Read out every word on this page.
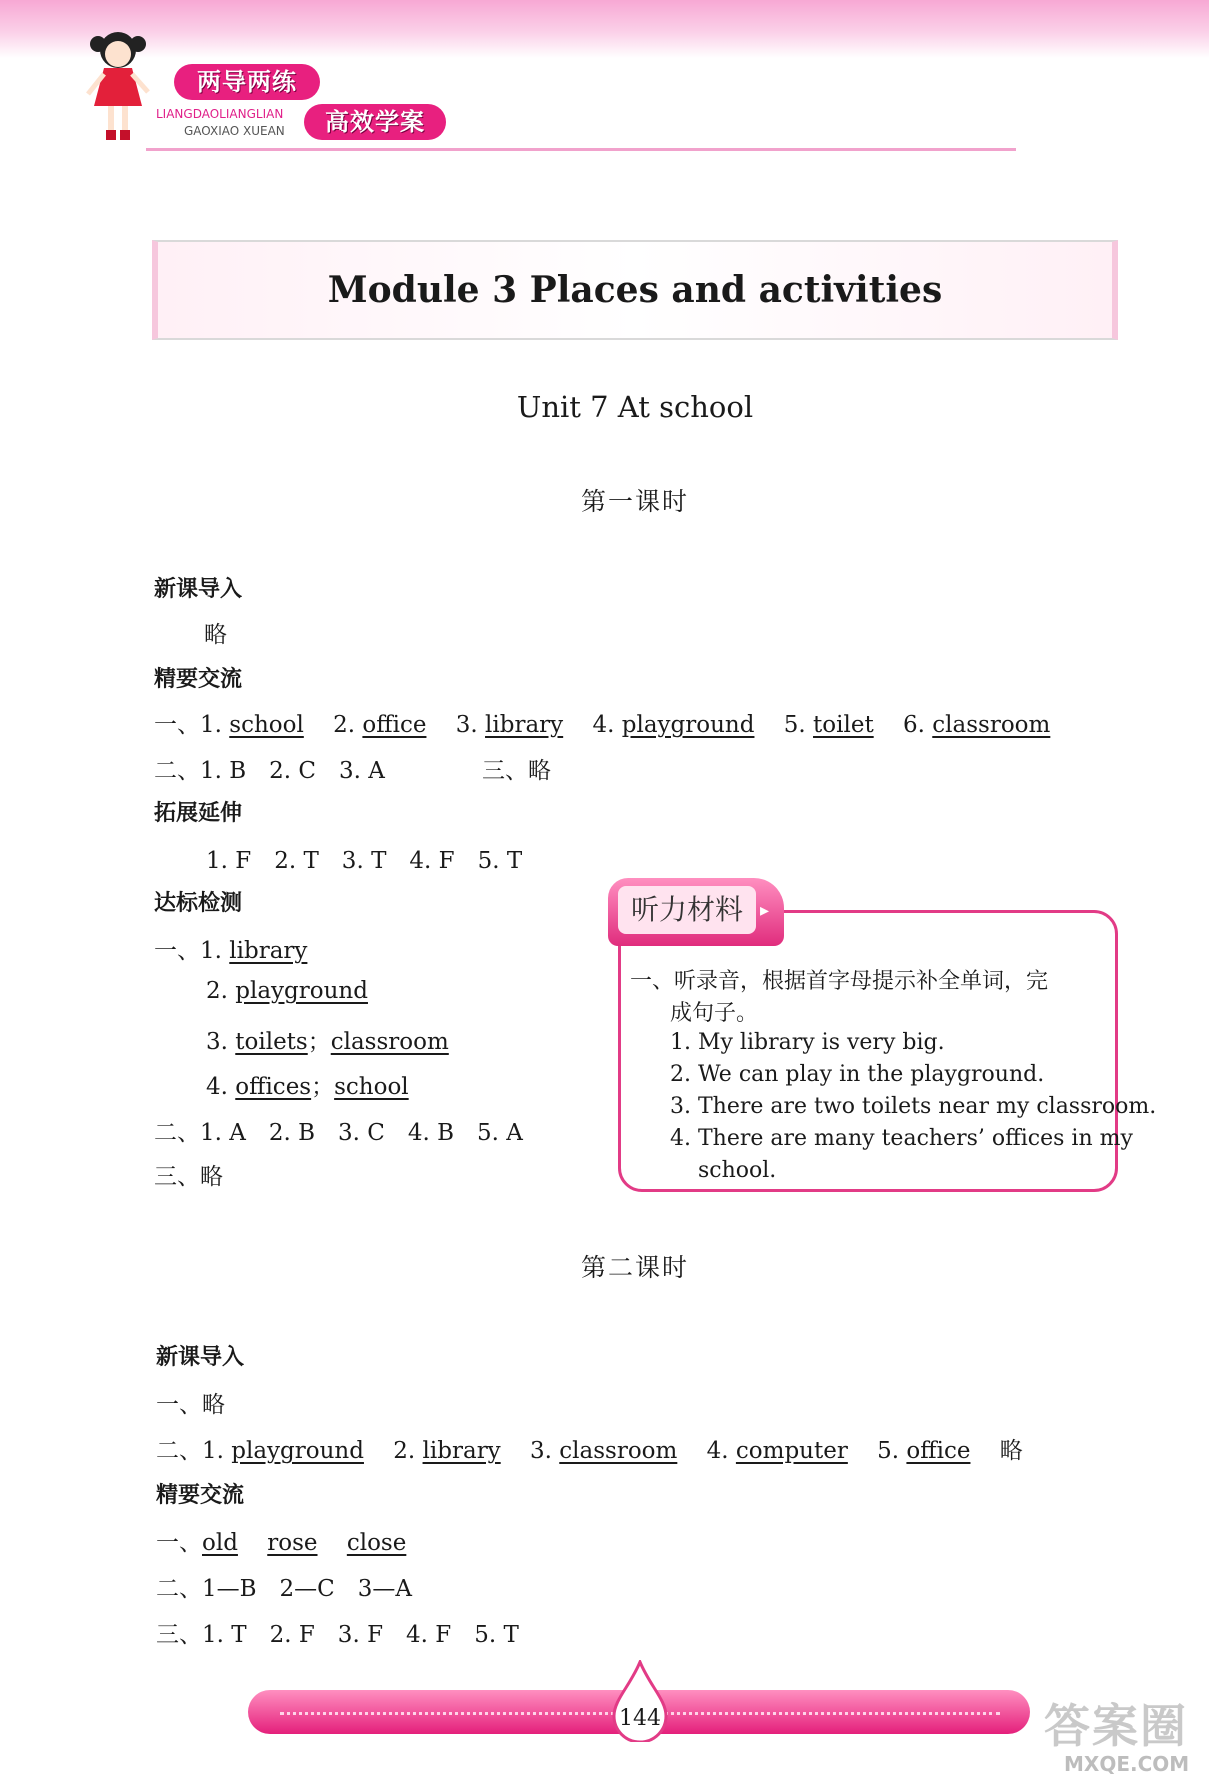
两导两练
LIANGDAOLIANGLIAN
GAOXIAO XUEAN	高效学案
Module 3 Places and activities
Unit 7 At school
第一课时
新课导入
略
精要交流
一、1. school 2. office 3. library 4. playground 5. toilet 6. classroom
二、1. B　2. C　3. A	三、略
拓展延伸
1. F　2. T　3. T　4. F　5. T
达标检测
一、1. library
2. playground
3. toilets；classroom
4. offices；school
二、1. A　2. B　3. C　4. B　5. A
三、略
听力材料 ▸
一、听录音，根据首字母提示补全单词，完
成句子。
1. My library is very big.
2. We can play in the playground.
3. There are two toilets near my classroom.
4. There are many teachers’ offices in my
school.
第二课时
新课导入
一、略
二、1. playground 2. library 3. classroom 4. computer 5. office 略
精要交流
一、old rose close
二、1—B　2—C　3—A
三、1. T　2. F　3. F　4. F　5. T
144	答案圈
MXQE.COM
